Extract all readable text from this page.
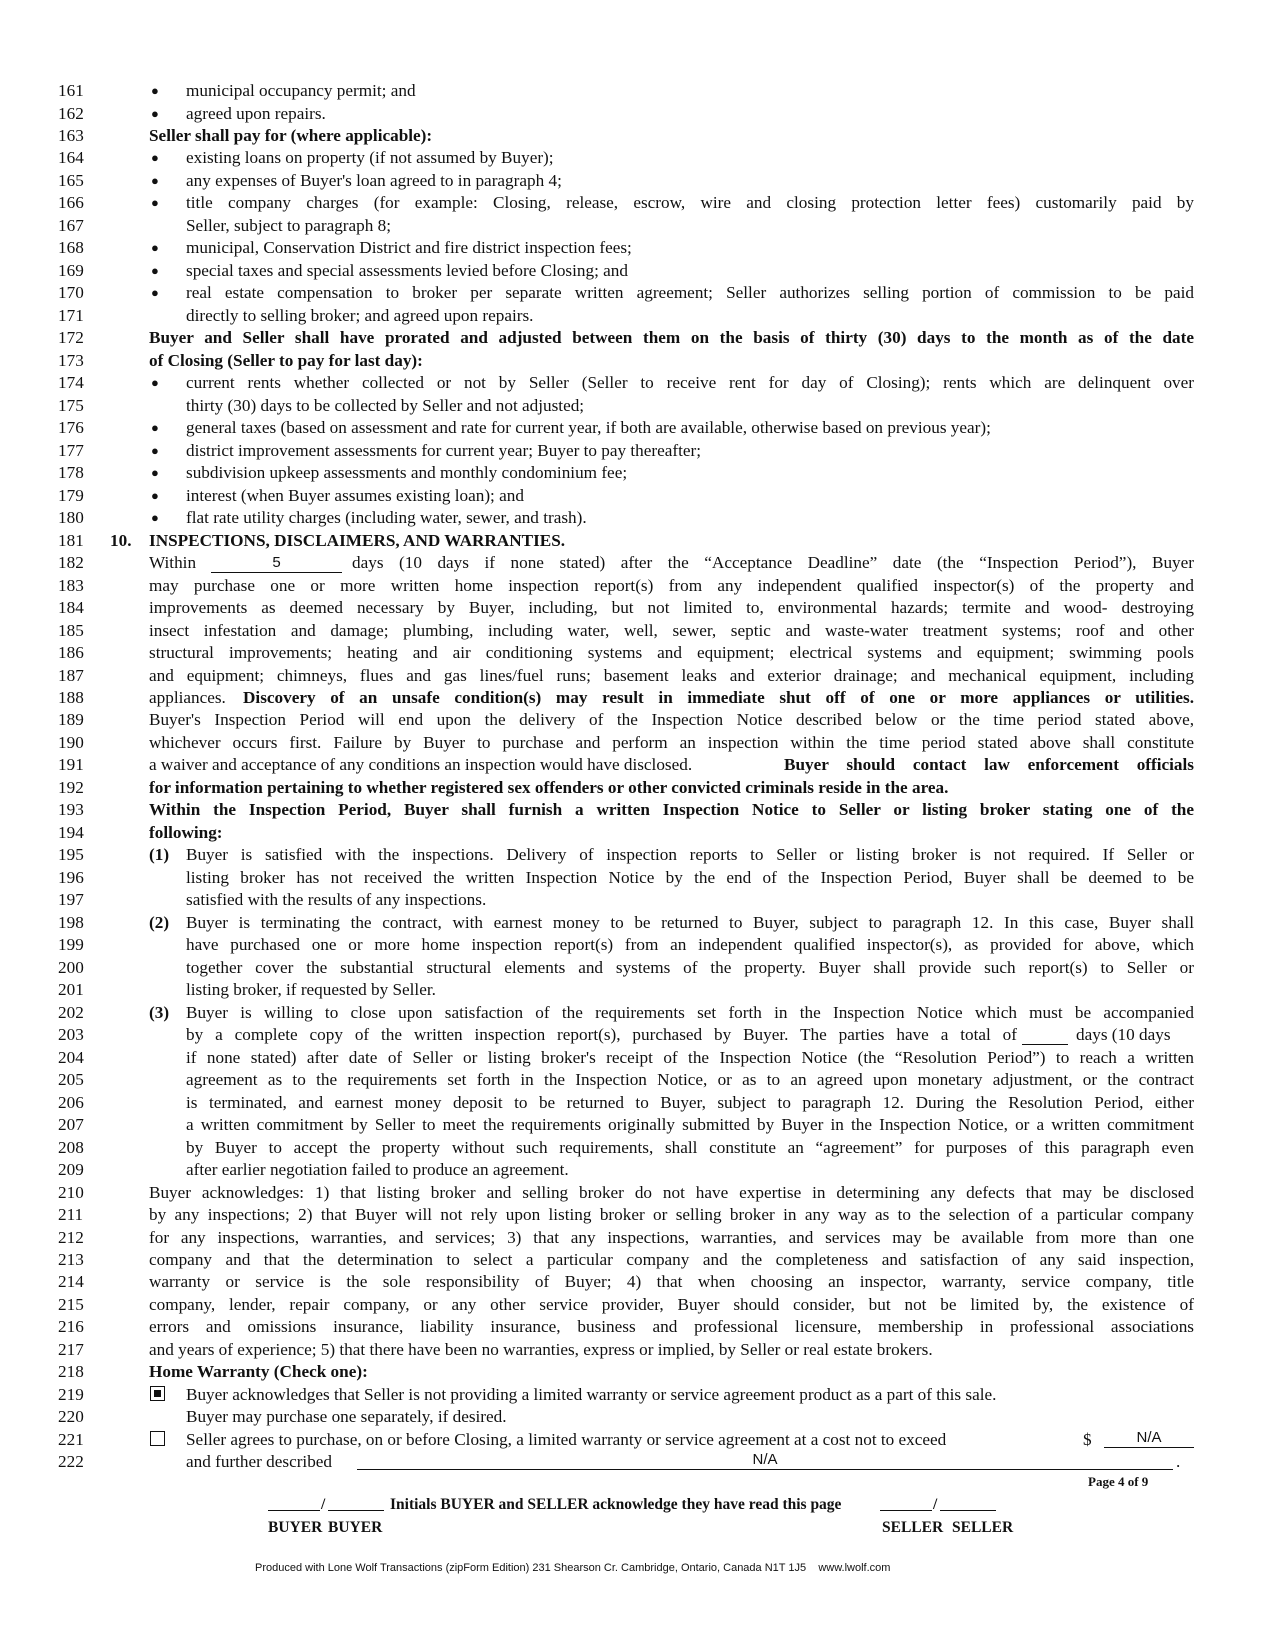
161	● municipal occupancy permit; and
162	● agreed upon repairs.
163	Seller shall pay for (where applicable):
164	● existing loans on property (if not assumed by Buyer);
165	● any expenses of Buyer's loan agreed to in paragraph 4;
166	● title company charges (for example: Closing, release, escrow, wire and closing protection letter fees) customarily paid by
167	Seller, subject to paragraph 8;
168	● municipal, Conservation District and fire district inspection fees;
169	● special taxes and special assessments levied before Closing; and
170	● real estate compensation to broker per separate written agreement; Seller authorizes selling portion of commission to be paid
171	directly to selling broker; and agreed upon repairs.
172	Buyer and Seller shall have prorated and adjusted between them on the basis of thirty (30) days to the month as of the date
173	of Closing (Seller to pay for last day):
174	● current rents whether collected or not by Seller (Seller to receive rent for day of Closing); rents which are delinquent over
175	thirty (30) days to be collected by Seller and not adjusted;
176	● general taxes (based on assessment and rate for current year, if both are available, otherwise based on previous year);
177	● district improvement assessments for current year; Buyer to pay thereafter;
178	● subdivision upkeep assessments and monthly condominium fee;
179	● interest (when Buyer assumes existing loan); and
180	● flat rate utility charges (including water, sewer, and trash).
181	10. INSPECTIONS, DISCLAIMERS, AND WARRANTIES.
182	Within	5	days (10 days if none stated) after the “Acceptance Deadline” date (the “Inspection Period”), Buyer
183	may purchase one or more written home inspection report(s) from any independent qualified inspector(s) of the property and
184	improvements as deemed necessary by Buyer, including, but not limited to, environmental hazards; termite and wood- destroying
185	insect infestation and damage; plumbing, including water, well, sewer, septic and waste-water treatment systems; roof and other
186	structural improvements; heating and air conditioning systems and equipment; electrical systems and equipment; swimming pools
187	and equipment; chimneys, flues and gas lines/fuel runs; basement leaks and exterior drainage; and mechanical equipment, including
188	appliances. Discovery of an unsafe condition(s) may result in immediate shut off of one or more appliances or utilities.
189	Buyer's Inspection Period will end upon the delivery of the Inspection Notice described below or the time period stated above,
190	whichever occurs first. Failure by Buyer to purchase and perform an inspection within the time period stated above shall constitute
191	a waiver and acceptance of any conditions an inspection would have disclosed.	Buyer should contact law enforcement officials
192	for information pertaining to whether registered sex offenders or other convicted criminals reside in the area.
193	Within the Inspection Period, Buyer shall furnish a written Inspection Notice to Seller or listing broker stating one of the
194	following:
195	(1) Buyer is satisfied with the inspections. Delivery of inspection reports to Seller or listing broker is not required. If Seller or
196	listing broker has not received the written Inspection Notice by the end of the Inspection Period, Buyer shall be deemed to be
197	satisfied with the results of any inspections.
198	(2) Buyer is terminating the contract, with earnest money to be returned to Buyer, subject to paragraph 12. In this case, Buyer shall
199	have purchased one or more home inspection report(s) from an independent qualified inspector(s), as provided for above, which
200	together cover the substantial structural elements and systems of the property. Buyer shall provide such report(s) to Seller or
201	listing broker, if requested by Seller.
202	(3) Buyer is willing to close upon satisfaction of the requirements set forth in the Inspection Notice which must be accompanied
203	by a complete copy of the written inspection report(s), purchased by Buyer. The parties have a total of	days (10 days
204	if none stated) after date of Seller or listing broker's receipt of the Inspection Notice (the “Resolution Period”) to reach a written
205	agreement as to the requirements set forth in the Inspection Notice, or as to an agreed upon monetary adjustment, or the contract
206	is terminated, and earnest money deposit to be returned to Buyer, subject to paragraph 12. During the Resolution Period, either
207	a written commitment by Seller to meet the requirements originally submitted by Buyer in the Inspection Notice, or a written commitment
208	by Buyer to accept the property without such requirements, shall constitute an “agreement” for purposes of this paragraph even
209	after earlier negotiation failed to produce an agreement.
210	Buyer acknowledges: 1) that listing broker and selling broker do not have expertise in determining any defects that may be disclosed
211	by any inspections; 2) that Buyer will not rely upon listing broker or selling broker in any way as to the selection of a particular company
212	for any inspections, warranties, and services; 3) that any inspections, warranties, and services may be available from more than one
213	company and that the determination to select a particular company and the completeness and satisfaction of any said inspection,
214	warranty or service is the sole responsibility of Buyer; 4) that when choosing an inspector, warranty, service company, title
215	company, lender, repair company, or any other service provider, Buyer should consider, but not be limited by, the existence of
216	errors and omissions insurance, liability insurance, business and professional licensure, membership in professional associations
217	and years of experience; 5) that there have been no warranties, express or implied, by Seller or real estate brokers.
218	Home Warranty (Check one):
219	Buyer acknowledges that Seller is not providing a limited warranty or service agreement product as a part of this sale.
220	Buyer may purchase one separately, if desired.
221	Seller agrees to purchase, on or before Closing, a limited warranty or service agreement at a cost not to exceed	$	N/A
222	and further described	N/A	.
Page 4 of 9
/	Initials BUYER and SELLER acknowledge they have read this page	/
BUYER BUYER	SELLER SELLER
Produced with Lone Wolf Transactions (zipForm Edition) 231 Shearson Cr. Cambridge, Ontario, Canada N1T 1J5    www.lwolf.com
